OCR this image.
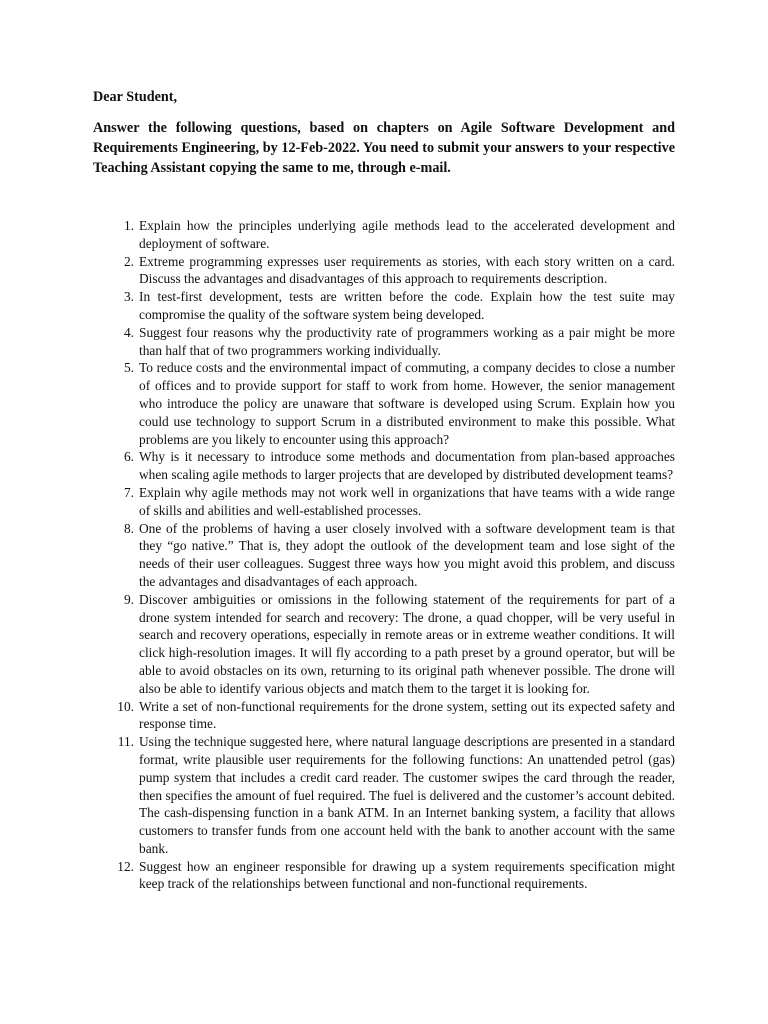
Dear Student,
Answer the following questions, based on chapters on Agile Software Development and Requirements Engineering, by 12-Feb-2022. You need to submit your answers to your respective Teaching Assistant copying the same to me, through e-mail.
1. Explain how the principles underlying agile methods lead to the accelerated development and deployment of software.
2. Extreme programming expresses user requirements as stories, with each story written on a card. Discuss the advantages and disadvantages of this approach to requirements description.
3. In test-first development, tests are written before the code. Explain how the test suite may compromise the quality of the software system being developed.
4. Suggest four reasons why the productivity rate of programmers working as a pair might be more than half that of two programmers working individually.
5. To reduce costs and the environmental impact of commuting, a company decides to close a number of offices and to provide support for staff to work from home. However, the senior management who introduce the policy are unaware that software is developed using Scrum. Explain how you could use technology to support Scrum in a distributed environment to make this possible. What problems are you likely to encounter using this approach?
6. Why is it necessary to introduce some methods and documentation from plan-based approaches when scaling agile methods to larger projects that are developed by distributed development teams?
7. Explain why agile methods may not work well in organizations that have teams with a wide range of skills and abilities and well-established processes.
8. One of the problems of having a user closely involved with a software development team is that they “go native.” That is, they adopt the outlook of the development team and lose sight of the needs of their user colleagues. Suggest three ways how you might avoid this problem, and discuss the advantages and disadvantages of each approach.
9. Discover ambiguities or omissions in the following statement of the requirements for part of a drone system intended for search and recovery: The drone, a quad chopper, will be very useful in search and recovery operations, especially in remote areas or in extreme weather conditions. It will click high-resolution images. It will fly according to a path preset by a ground operator, but will be able to avoid obstacles on its own, returning to its original path whenever possible. The drone will also be able to identify various objects and match them to the target it is looking for.
10. Write a set of non-functional requirements for the drone system, setting out its expected safety and response time.
11. Using the technique suggested here, where natural language descriptions are presented in a standard format, write plausible user requirements for the following functions: An unattended petrol (gas) pump system that includes a credit card reader. The customer swipes the card through the reader, then specifies the amount of fuel required. The fuel is delivered and the customer’s account debited. The cash-dispensing function in a bank ATM. In an Internet banking system, a facility that allows customers to transfer funds from one account held with the bank to another account with the same bank.
12. Suggest how an engineer responsible for drawing up a system requirements specification might keep track of the relationships between functional and non-functional requirements.
